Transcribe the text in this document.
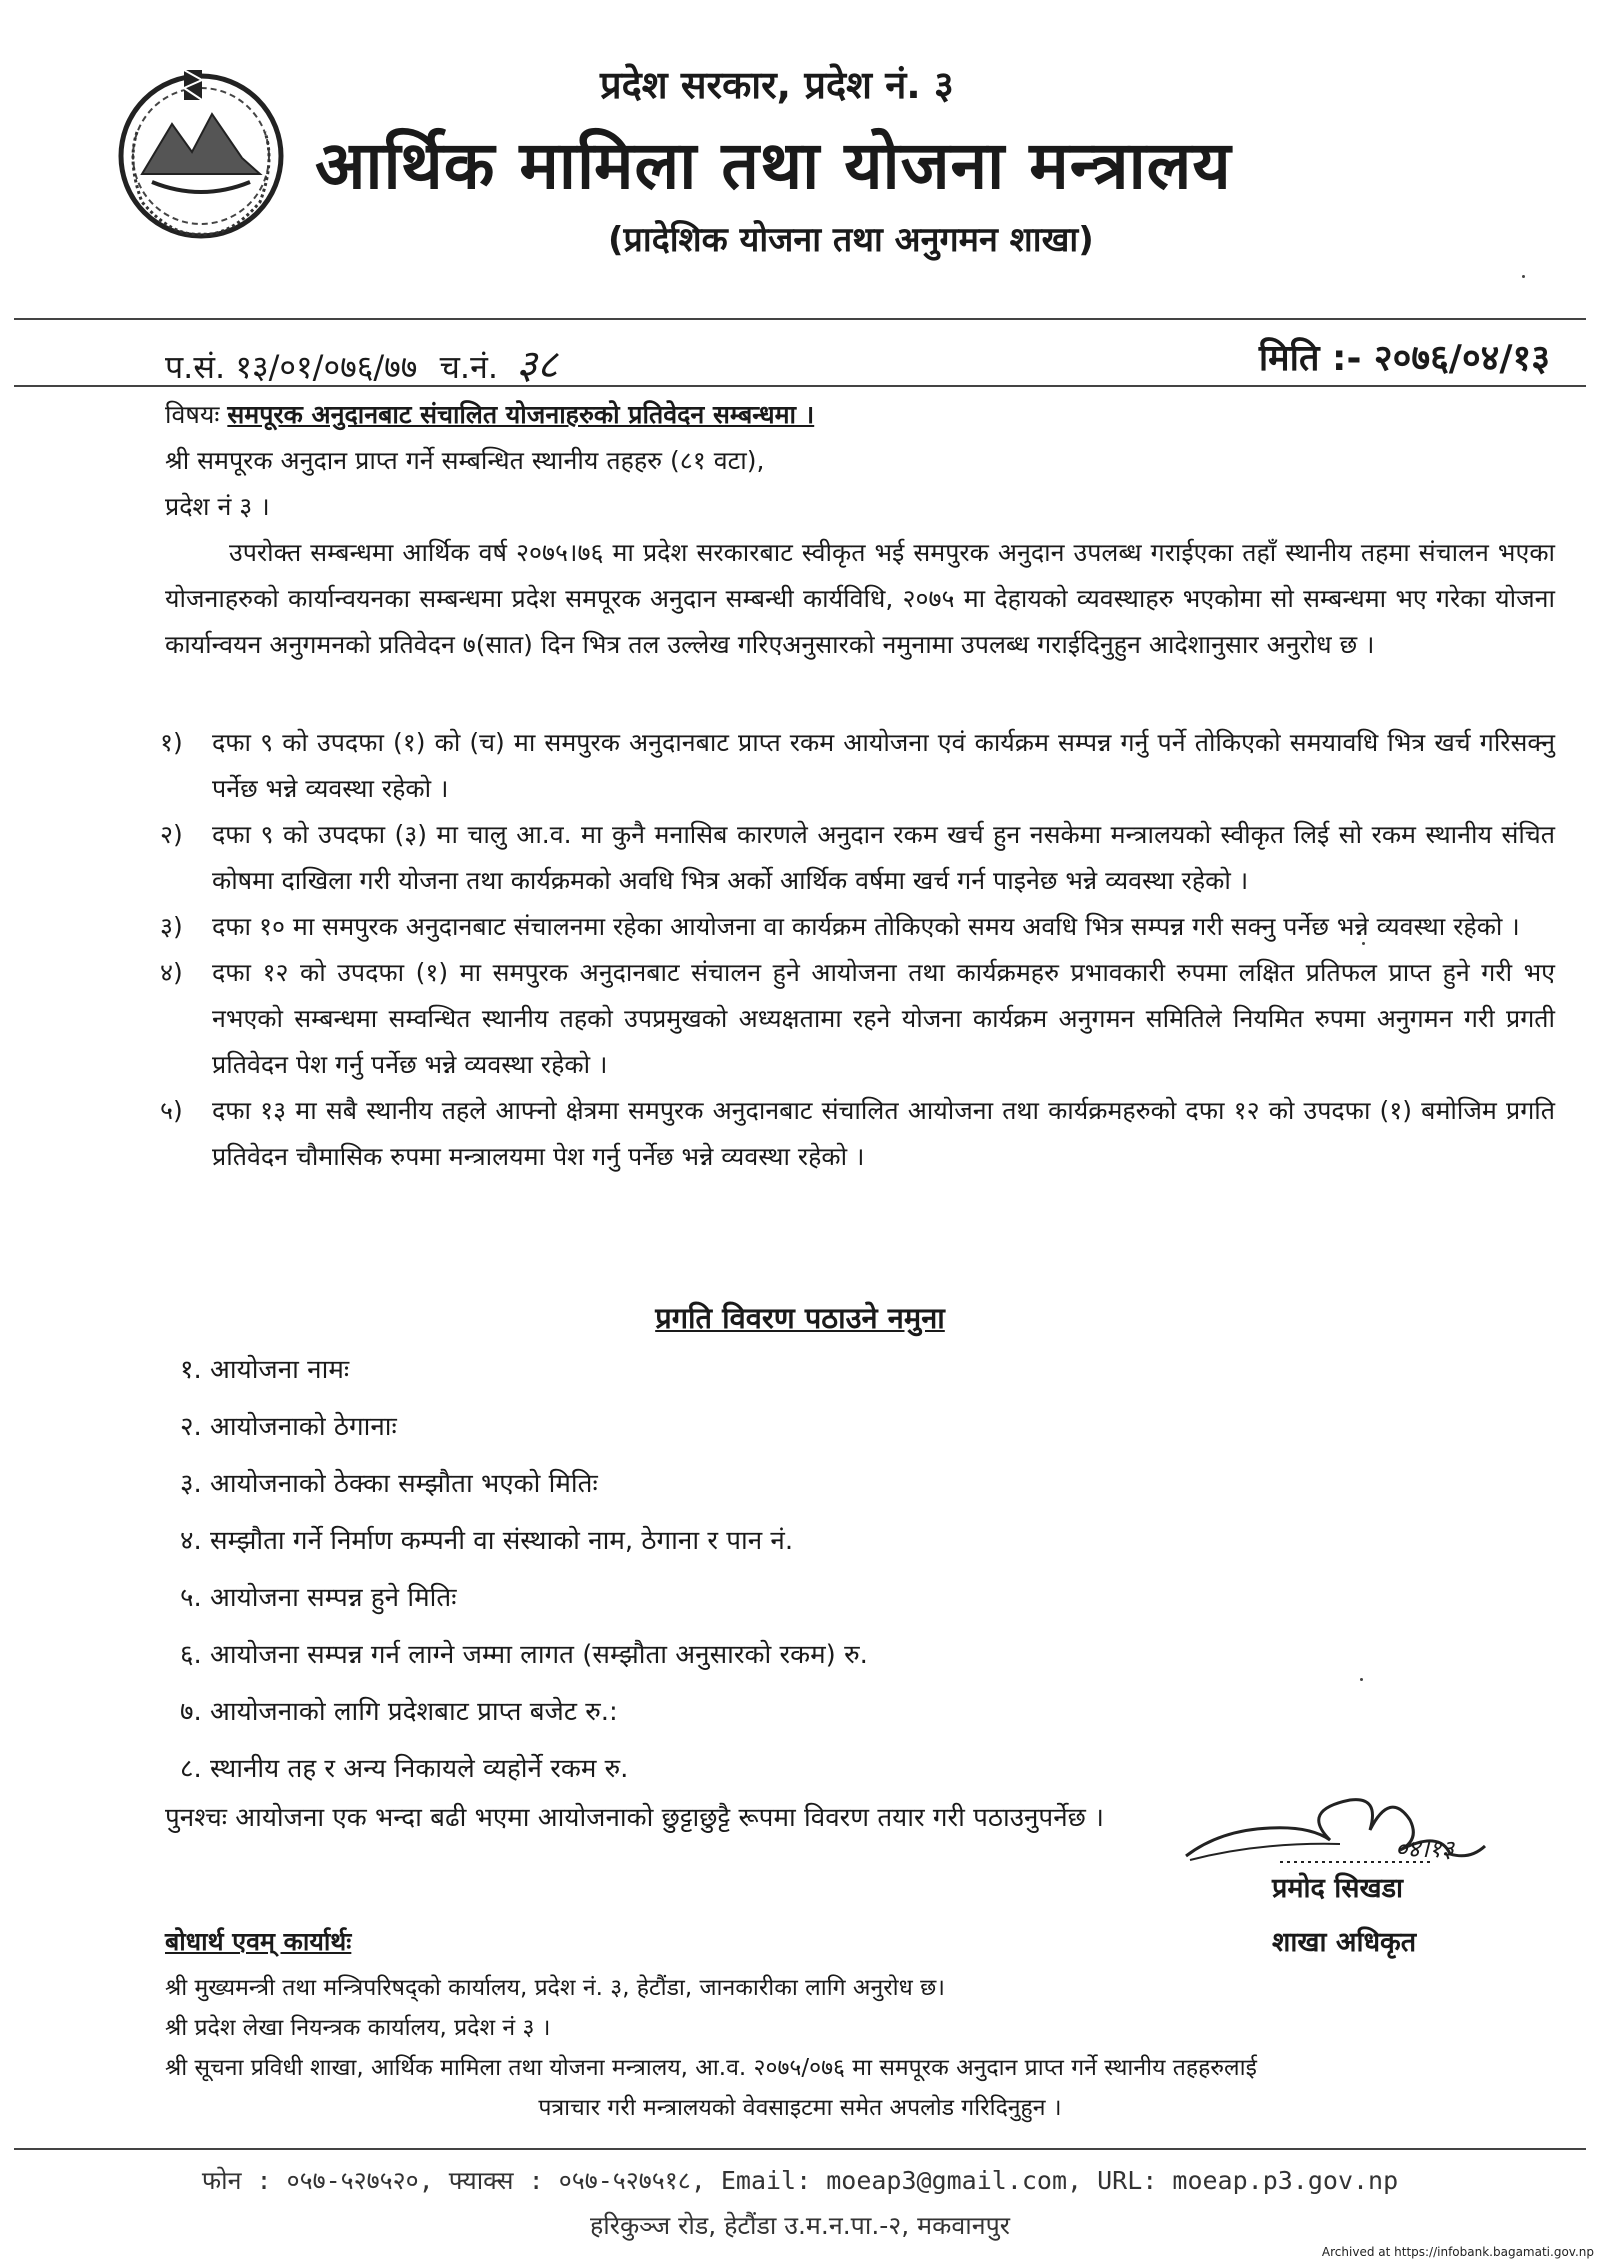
प्रदेश सरकार, प्रदेश नं. ३
आर्थिक मामिला तथा योजना मन्त्रालय
(प्रादेशिक योजना तथा अनुगमन शाखा)
प.सं. १३/०१/०७६/७७ च.नं. ३८	मिति :- २०७६/०४/१३

विषयः समपूरक अनुदानबाट संचालित योजनाहरुको प्रतिवेदन सम्बन्धमा ।

श्री समपूरक अनुदान प्राप्त गर्ने सम्बन्धित स्थानीय तहहरु (८१ वटा),

प्रदेश नं ३ ।

उपरोक्त सम्बन्धमा आर्थिक वर्ष २०७५।७६ मा प्रदेश सरकारबाट स्वीकृत भई समपुरक अनुदान उपलब्ध गराईएका तहाँ स्थानीय तहमा संचालन भएका योजनाहरुको कार्यान्वयनका सम्बन्धमा प्रदेश समपूरक अनुदान सम्बन्धी कार्यविधि, २०७५ मा देहायको व्यवस्थाहरु भएकोमा सो सम्बन्धमा भए गरेका योजना कार्यान्वयन अनुगमनको प्रतिवेदन ७(सात) दिन भित्र तल उल्लेख गरिएअनुसारको नमुनामा उपलब्ध गराईदिनुहुन आदेशानुसार अनुरोध छ ।

१)	दफा ९ को उपदफा (१) को (च) मा समपुरक अनुदानबाट प्राप्त रकम आयोजना एवं कार्यक्रम सम्पन्न गर्नु पर्ने तोकिएको समयावधि भित्र खर्च गरिसक्नु पर्नेछ भन्ने व्यवस्था रहेको ।
२)	दफा ९ को उपदफा (३) मा चालु आ.व. मा कुनै मनासिब कारणले अनुदान रकम खर्च हुन नसकेमा मन्त्रालयको स्वीकृत लिई सो रकम स्थानीय संचित कोषमा दाखिला गरी योजना तथा कार्यक्रमको अवधि भित्र अर्को आर्थिक वर्षमा खर्च गर्न पाइनेछ भन्ने व्यवस्था रहेको ।
३)	दफा १० मा समपुरक अनुदानबाट संचालनमा रहेका आयोजना वा कार्यक्रम तोकिएको समय अवधि भित्र सम्पन्न गरी सक्नु पर्नेछ भन्ने व्यवस्था रहेको ।
४)	दफा १२ को उपदफा (१) मा समपुरक अनुदानबाट संचालन हुने आयोजना तथा कार्यक्रमहरु प्रभावकारी रुपमा लक्षित प्रतिफल प्राप्त हुने गरी भए नभएको सम्बन्धमा सम्वन्धित स्थानीय तहको उपप्रमुखको अध्यक्षतामा रहने योजना कार्यक्रम अनुगमन समितिले नियमित रुपमा अनुगमन गरी प्रगती प्रतिवेदन पेश गर्नु पर्नेछ भन्ने व्यवस्था रहेको ।
५)	दफा १३ मा सबै स्थानीय तहले आफ्नो क्षेत्रमा समपुरक अनुदानबाट संचालित आयोजना तथा कार्यक्रमहरुको दफा १२ को उपदफा (१) बमोजिम प्रगति प्रतिवेदन चौमासिक रुपमा मन्त्रालयमा पेश गर्नु पर्नेछ भन्ने व्यवस्था रहेको ।
प्रगति विवरण पठाउने नमुना
१. आयोजना नामः
२. आयोजनाको ठेगानाः
३. आयोजनाको ठेक्का सम्झौता भएको मितिः
४. सम्झौता गर्ने निर्माण कम्पनी वा संस्थाको नाम, ठेगाना र पान नं.
५. आयोजना सम्पन्न हुने मितिः
६. आयोजना सम्पन्न गर्न लाग्ने जम्मा लागत (सम्झौता अनुसारको रकम) रु.
७. आयोजनाको लागि प्रदेशबाट प्राप्त बजेट रु.:
८. स्थानीय तह र अन्य निकायले व्यहोर्ने रकम रु.
पुनश्चः आयोजना एक भन्दा बढी भएमा आयोजनाको छुट्टाछुट्टै रूपमा विवरण तयार गरी पठाउनुपर्नेछ ।
०४।१३
प्रमोद सिखडा
शाखा अधिकृत
बोधार्थ एवम् कार्यार्थः
श्री मुख्यमन्त्री तथा मन्त्रिपरिषद्को कार्यालय, प्रदेश नं. ३, हेटौंडा, जानकारीका लागि अनुरोध छ।
श्री प्रदेश लेखा नियन्त्रक कार्यालय, प्रदेश नं ३ ।
श्री सूचना प्रविधी शाखा, आर्थिक मामिला तथा योजना मन्त्रालय, आ.व. २०७५/०७६ मा समपूरक अनुदान प्राप्त गर्ने स्थानीय तहहरुलाई
पत्राचार गरी मन्त्रालयको वेवसाइटमा समेत अपलोड गरिदिनुहुन ।
फोन : ०५७-५२७५२०, फ्याक्स : ०५७-५२७५१८, Email: moeap3@gmail.com, URL: moeap.p3.gov.np
हरिकुञ्ज रोड, हेटौंडा उ.म.न.पा.-२, मकवानपुर
Archived at https://infobank.bagamati.gov.np
